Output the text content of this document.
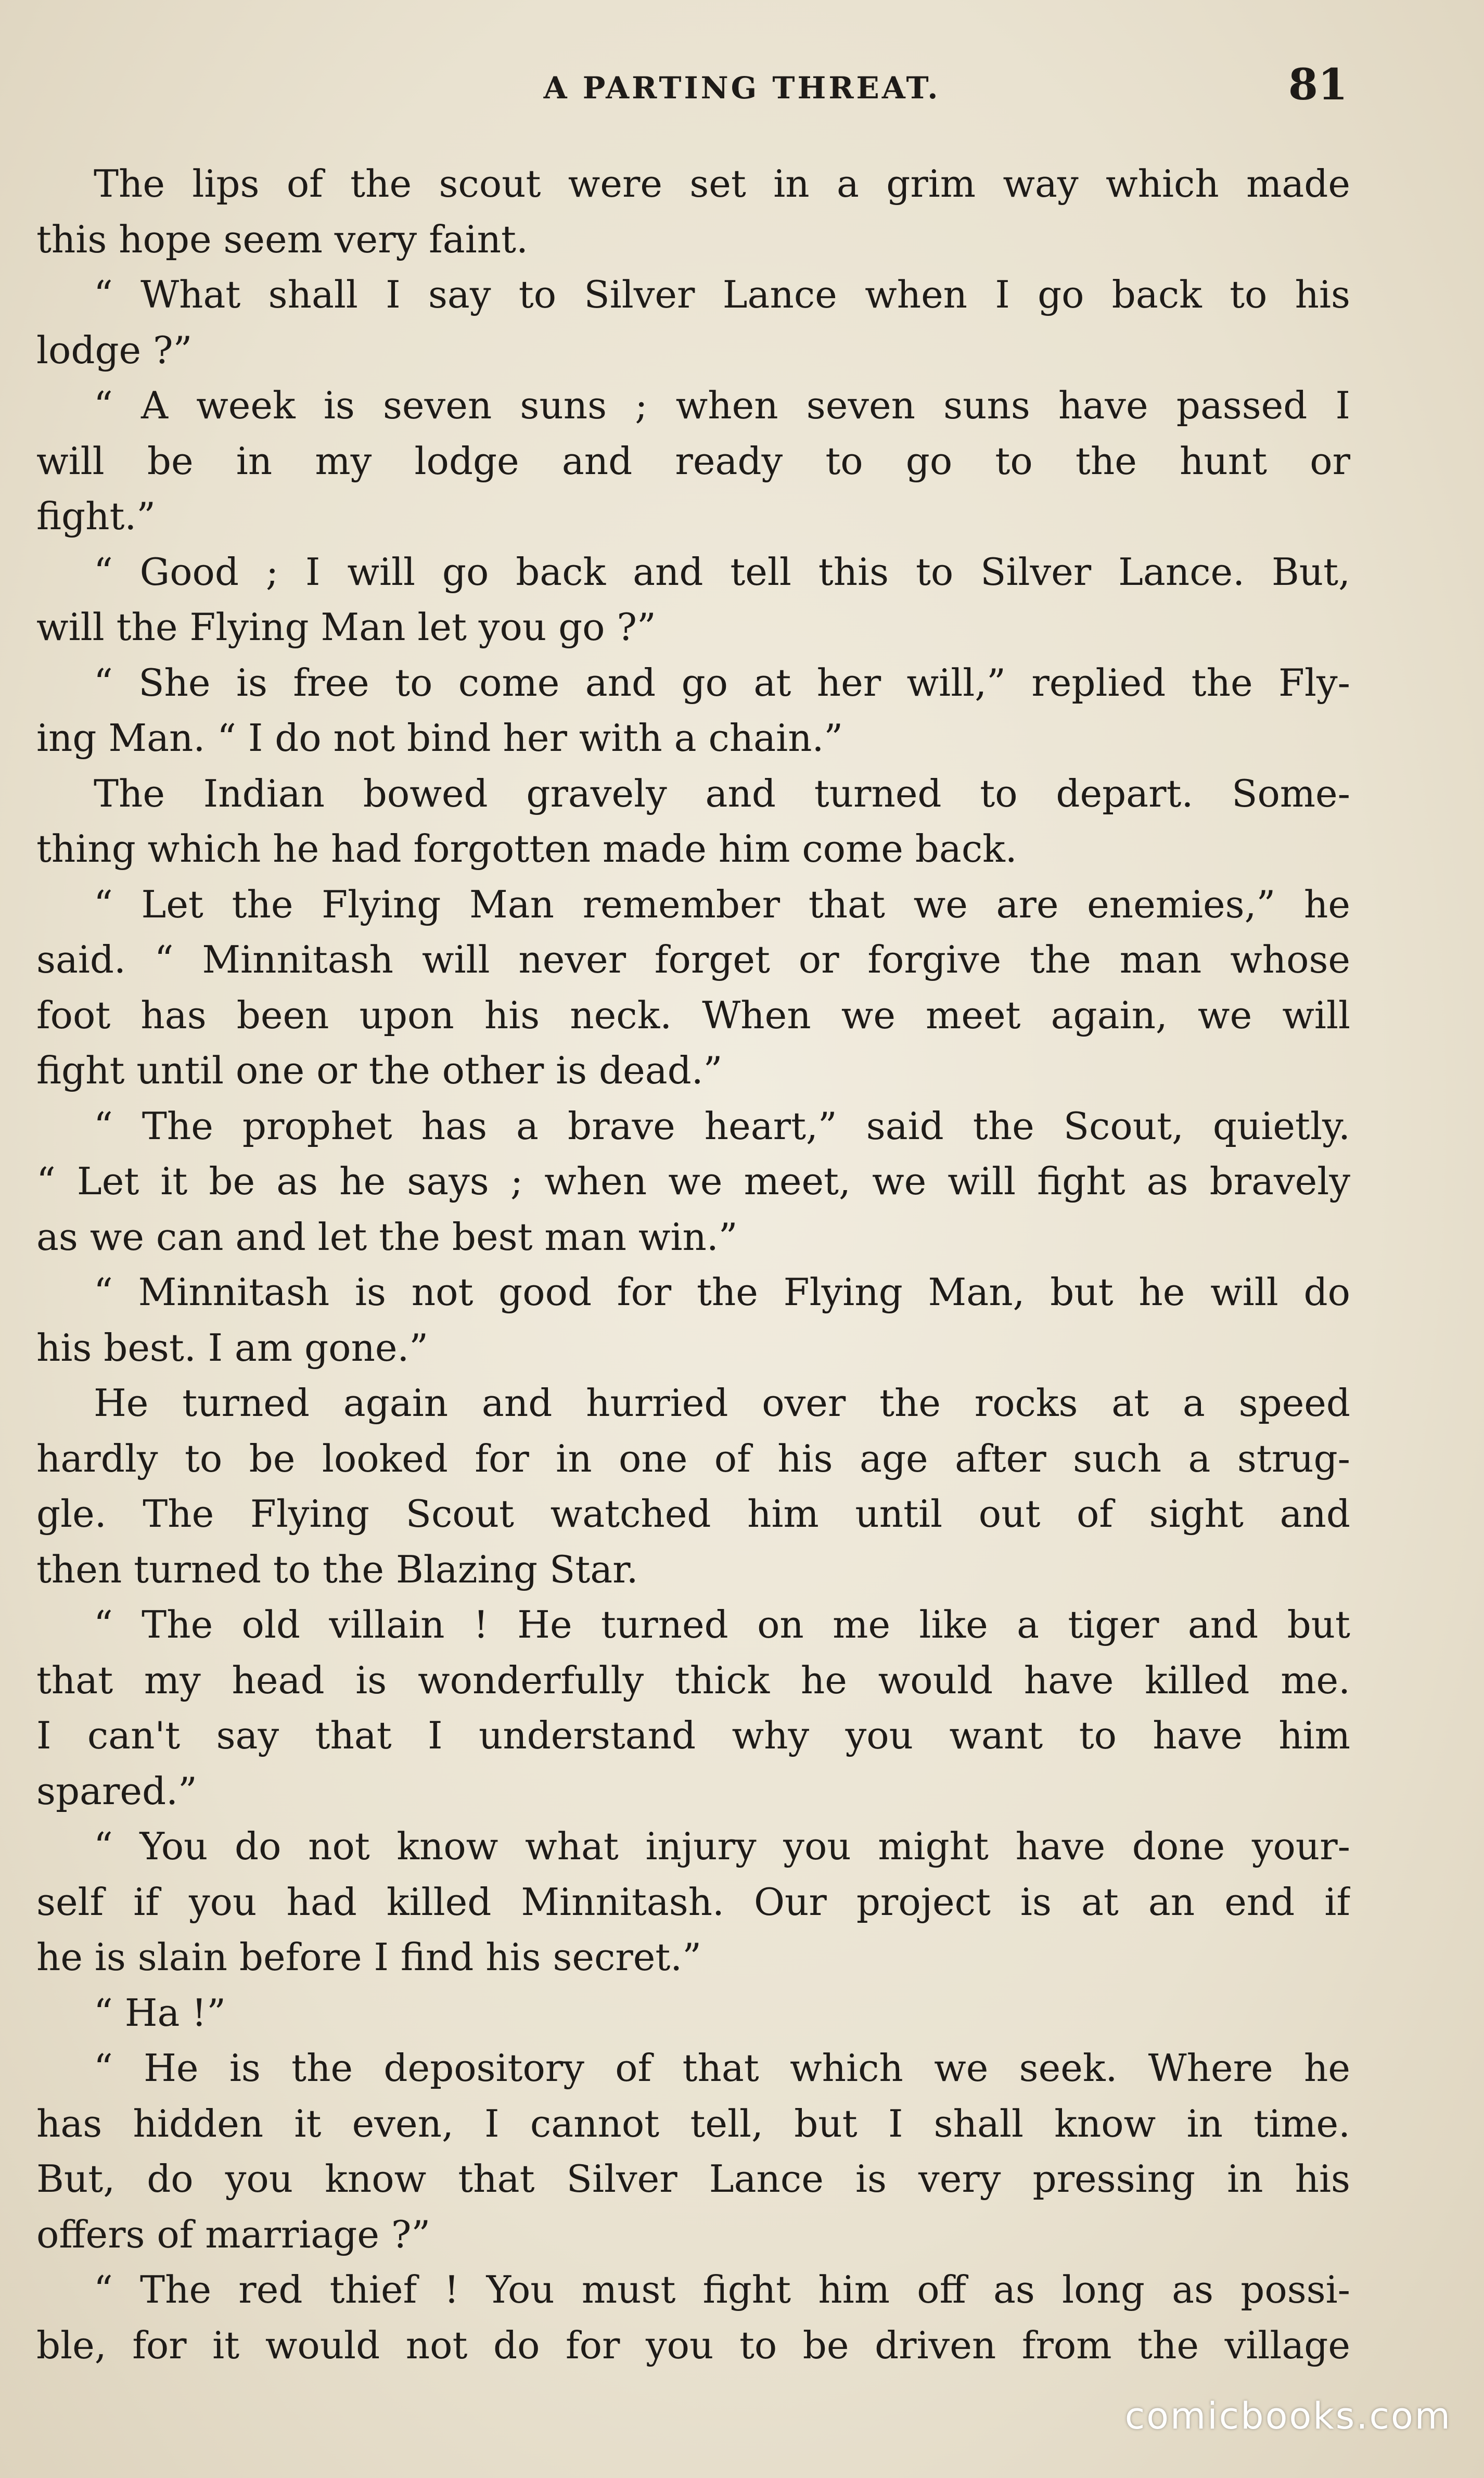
A PARTING THREAT.	81
The lips of the scout were set in a grim way which made
this hope seem very faint.
“ What shall I say to Silver Lance when I go back to his
lodge ?”
“ A week is seven suns ; when seven suns have passed I
will be in my lodge and ready to go to the hunt or
fight.”
“ Good ; I will go back and tell this to Silver Lance. But,
will the Flying Man let you go ?”
“ She is free to come and go at her will,” replied the Fly-
ing Man. “ I do not bind her with a chain.”
The Indian bowed gravely and turned to depart. Some-
thing which he had forgotten made him come back.
“ Let the Flying Man remember that we are enemies,” he
said. “ Minnitash will never forget or forgive the man whose
foot has been upon his neck. When we meet again, we will
fight until one or the other is dead.”
“ The prophet has a brave heart,” said the Scout, quietly.
“ Let it be as he says ; when we meet, we will fight as bravely
as we can and let the best man win.”
“ Minnitash is not good for the Flying Man, but he will do
his best. I am gone.”
He turned again and hurried over the rocks at a speed
hardly to be looked for in one of his age after such a strug-
gle. The Flying Scout watched him until out of sight and
then turned to the Blazing Star.
“ The old villain ! He turned on me like a tiger and but
that my head is wonderfully thick he would have killed me.
I can't say that I understand why you want to have him
spared.”
“ You do not know what injury you might have done your-
self if you had killed Minnitash. Our project is at an end if
he is slain before I find his secret.”
“ Ha !”
“ He is the depository of that which we seek. Where he
has hidden it even, I cannot tell, but I shall know in time.
But, do you know that Silver Lance is very pressing in his
offers of marriage ?”
“ The red thief ! You must fight him off as long as possi-
ble, for it would not do for you to be driven from the village
comicbooks.com
